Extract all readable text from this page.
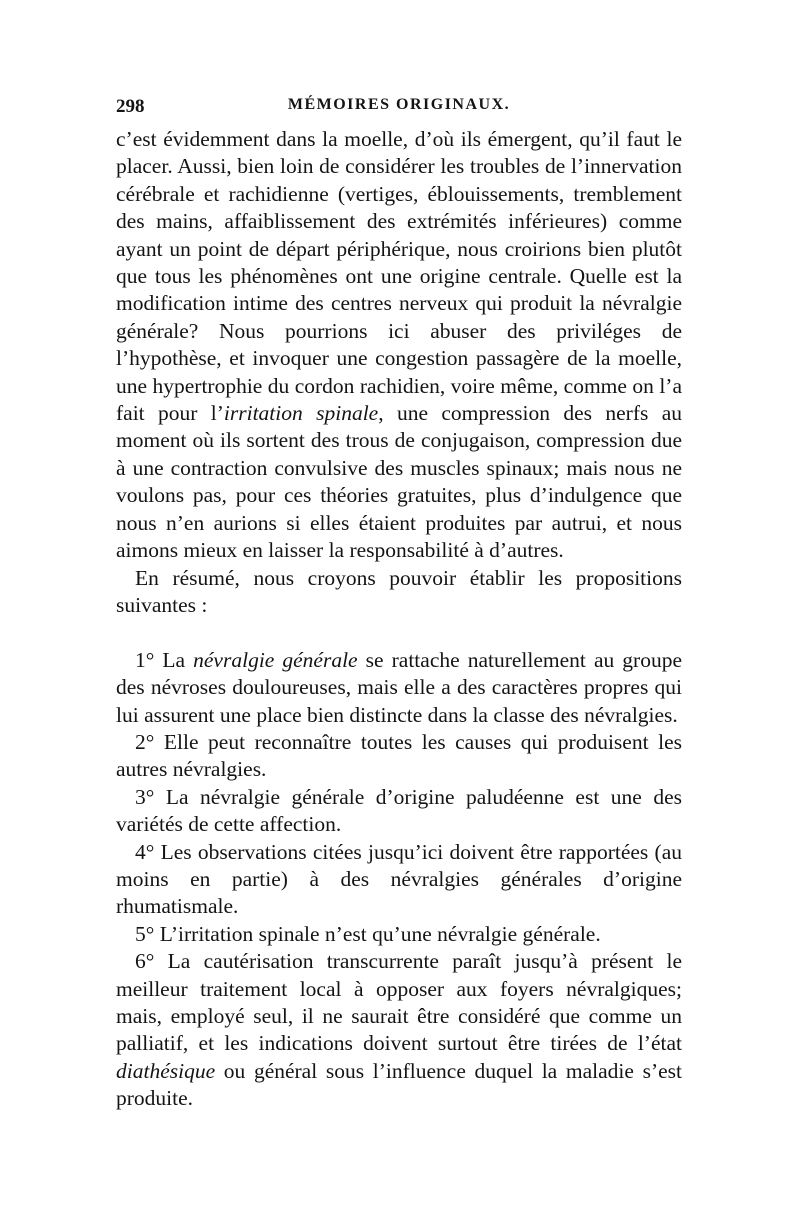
298	MÉMOIRES ORIGINAUX.

c’est évidemment dans la moelle, d’où ils émergent, qu’il faut le placer. Aussi, bien loin de considérer les troubles de l’innervation cérébrale et rachidienne (vertiges, éblouissements, tremblement des mains, affaiblissement des extrémités inférieures) comme ayant un point de départ périphérique, nous croirions bien plutôt que tous les phénomènes ont une origine centrale. Quelle est la modification intime des centres nerveux qui produit la névralgie générale? Nous pourrions ici abuser des priviléges de l’hypothèse, et invoquer une congestion passagère de la moelle, une hypertrophie du cordon rachidien, voire même, comme on l’a fait pour l’irritation spinale, une compression des nerfs au moment où ils sortent des trous de conjugaison, compression due à une contraction convulsive des muscles spinaux; mais nous ne voulons pas, pour ces théories gratuites, plus d’indulgence que nous n’en aurions si elles étaient produites par autrui, et nous aimons mieux en laisser la responsabilité à d’autres.

En résumé, nous croyons pouvoir établir les propositions suivantes :

1° La névralgie générale se rattache naturellement au groupe des névroses douloureuses, mais elle a des caractères propres qui lui assurent une place bien distincte dans la classe des névralgies.

2° Elle peut reconnaître toutes les causes qui produisent les autres névralgies.

3° La névralgie générale d’origine paludéenne est une des variétés de cette affection.

4° Les observations citées jusqu’ici doivent être rapportées (au moins en partie) à des névralgies générales d’origine rhumatismale.

5° L’irritation spinale n’est qu’une névralgie générale.

6° La cautérisation transcurrente paraît jusqu’à présent le meilleur traitement local à opposer aux foyers névralgiques; mais, employé seul, il ne saurait être considéré que comme un palliatif, et les indications doivent surtout être tirées de l’état diathésique ou général sous l’influence duquel la maladie s’est produite.
